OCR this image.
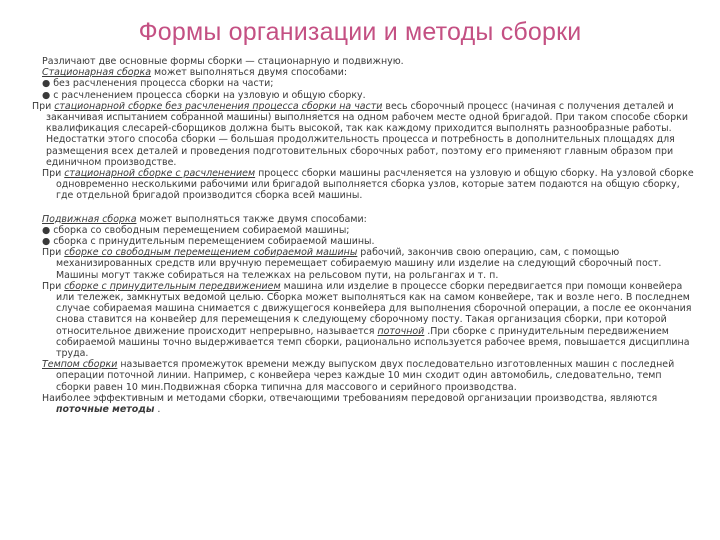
Формы организации и методы сборки

Различают две основные формы сборки — стационарную и подвижную.

Стационарная сборка может выполняться двумя способами:

● без расчленения процесса сборки на части;

● с расчленением процесса сборки на узловую и общую сборку.

При стационарной сборке без расчленения процесса сборки на части весь сборочный процесс (начиная с получения деталей и заканчивая испытанием собранной машины) выполняется на одном рабочем месте одной бригадой. При таком способе сборки квалификация слесарей-сборщиков должна быть высокой, так как каждому приходится выполнять разнообразные работы. Недостатки этого способа сборки — большая продолжительность процесса и потребность в дополнительных площадях для размещения всех деталей и проведения подготовительных сборочных работ, поэтому его применяют главным образом при единичном производстве.

При стационарной сборке с расчленением процесс сборки машины расчленяется на узловую и общую сборку. На узловой сборке одновременно несколькими рабочими или бригадой выполняется сборка узлов, которые затем подаются на общую сборку, где отдельной бригадой производится сборка всей машины.

Подвижная сборка может выполняться также двумя способами:

● сборка со свободным перемещением собираемой машины;

● сборка с принудительным перемещением собираемой машины.

При сборке со свободным перемещением собираемой машины рабочий, закончив свою операцию, сам, с помощью механизированных средств или вручную перемещает собираемую машину или изделие на следующий сборочный пост. Машины могут также собираться на тележках на рельсовом пути, на рольгангах и т. п.

При сборке с принудительным передвижением машина или изделие в процессе сборки передвигается при помощи конвейера или тележек, замкнутых ведомой целью. Сборка может выполняться как на самом конвейере, так и возле него. В последнем случае собираемая машина снимается с движущегося конвейера для выполнения сборочной операции, а после ее окончания снова ставится на конвейер для перемещения к следующему сборочному посту. Такая организация сборки, при которой относительное движение происходит непрерывно, называется поточной .При сборке с принудительным передвижением собираемой машины точно выдерживается темп сборки, рационально используется рабочее время, повышается дисциплина труда.

Темпом сборки называется промежуток времени между выпуском двух последовательно изготовленных машин с последней операции поточной линии. Например, с конвейера через каждые 10 мин сходит один автомобиль, следовательно, темп сборки равен 10 мин.Подвижная сборка типична для массового и серийного производства.

Наиболее эффективным и методами сборки, отвечающими требованиям передовой организации производства, являются поточные методы .
